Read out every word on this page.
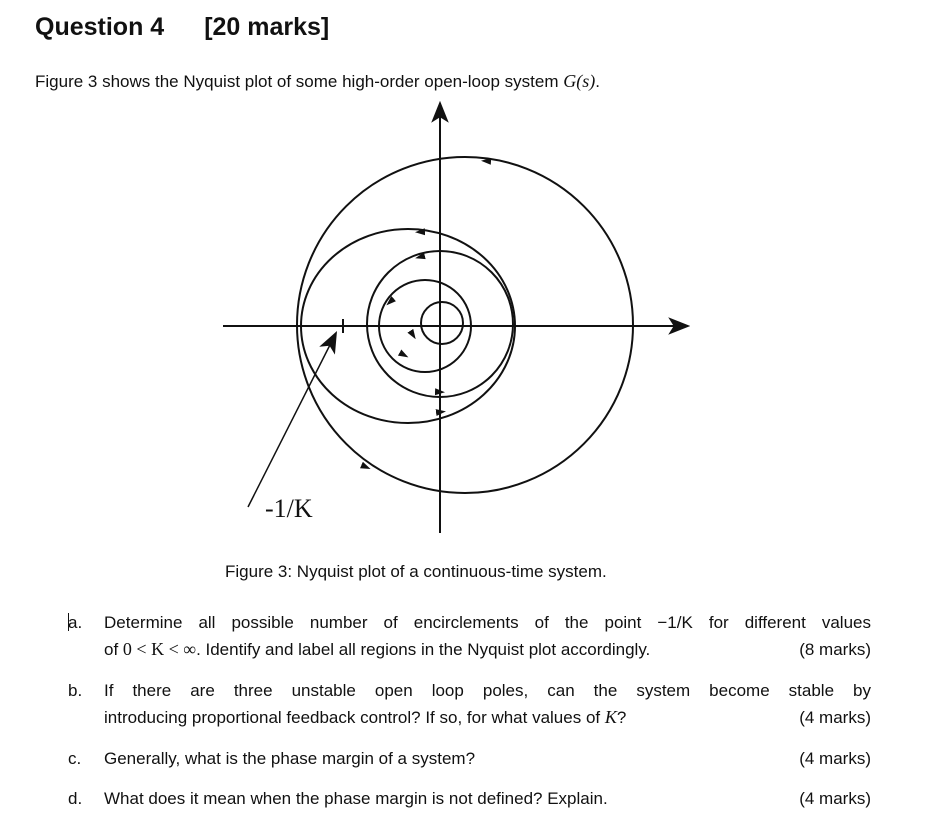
Question 4 [20 marks]
Figure 3 shows the Nyquist plot of some high-order open-loop system G(s).
-1/K
Figure 3: Nyquist plot of a continuous-time system.
a. Determine all possible number of encirclements of the point −1/K for different values
of 0 < K < ∞. Identify and label all regions in the Nyquist plot accordingly.	(8 marks)
b. If there are three unstable open loop poles, can the system become stable by
introducing proportional feedback control? If so, for what values of K?	(4 marks)
c. Generally, what is the phase margin of a system?	(4 marks)
d. What does it mean when the phase margin is not defined? Explain.	(4 marks)
